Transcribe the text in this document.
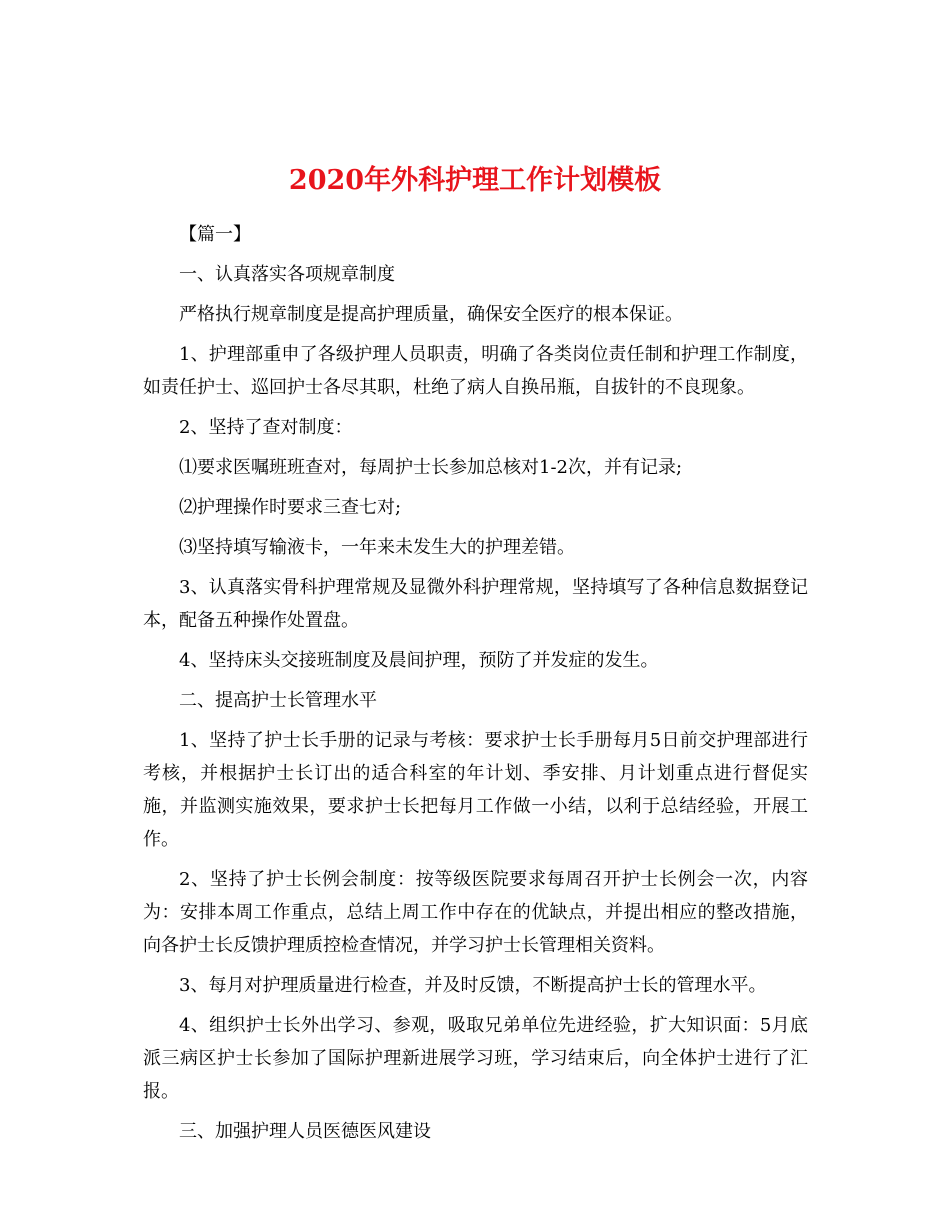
2020年外科护理工作计划模板

【篇一】

一、认真落实各项规章制度

严格执行规章制度是提高护理质量，确保安全医疗的根本保证。

1、护理部重申了各级护理人员职责，明确了各类岗位责任制和护理工作制度，如责任护士、巡回护士各尽其职，杜绝了病人自换吊瓶，自拔针的不良现象。

2、坚持了查对制度：

⑴要求医嘱班班查对，每周护士长参加总核对1-2次，并有记录;

⑵护理操作时要求三查七对;

⑶坚持填写输液卡，一年来未发生大的护理差错。

3、认真落实骨科护理常规及显微外科护理常规，坚持填写了各种信息数据登记本，配备五种操作处置盘。

4、坚持床头交接班制度及晨间护理，预防了并发症的发生。

二、提高护士长管理水平

1、坚持了护士长手册的记录与考核：要求护士长手册每月5日前交护理部进行考核，并根据护士长订出的适合科室的年计划、季安排、月计划重点进行督促实施，并监测实施效果，要求护士长把每月工作做一小结，以利于总结经验，开展工作。

2、坚持了护士长例会制度：按等级医院要求每周召开护士长例会一次，内容为：安排本周工作重点，总结上周工作中存在的优缺点，并提出相应的整改措施，向各护士长反馈护理质控检查情况，并学习护士长管理相关资料。

3、每月对护理质量进行检查，并及时反馈，不断提高护士长的管理水平。

4、组织护士长外出学习、参观，吸取兄弟单位先进经验，扩大知识面：5月底派三病区护士长参加了国际护理新进展学习班，学习结束后，向全体护士进行了汇报。

三、加强护理人员医德医风建设
